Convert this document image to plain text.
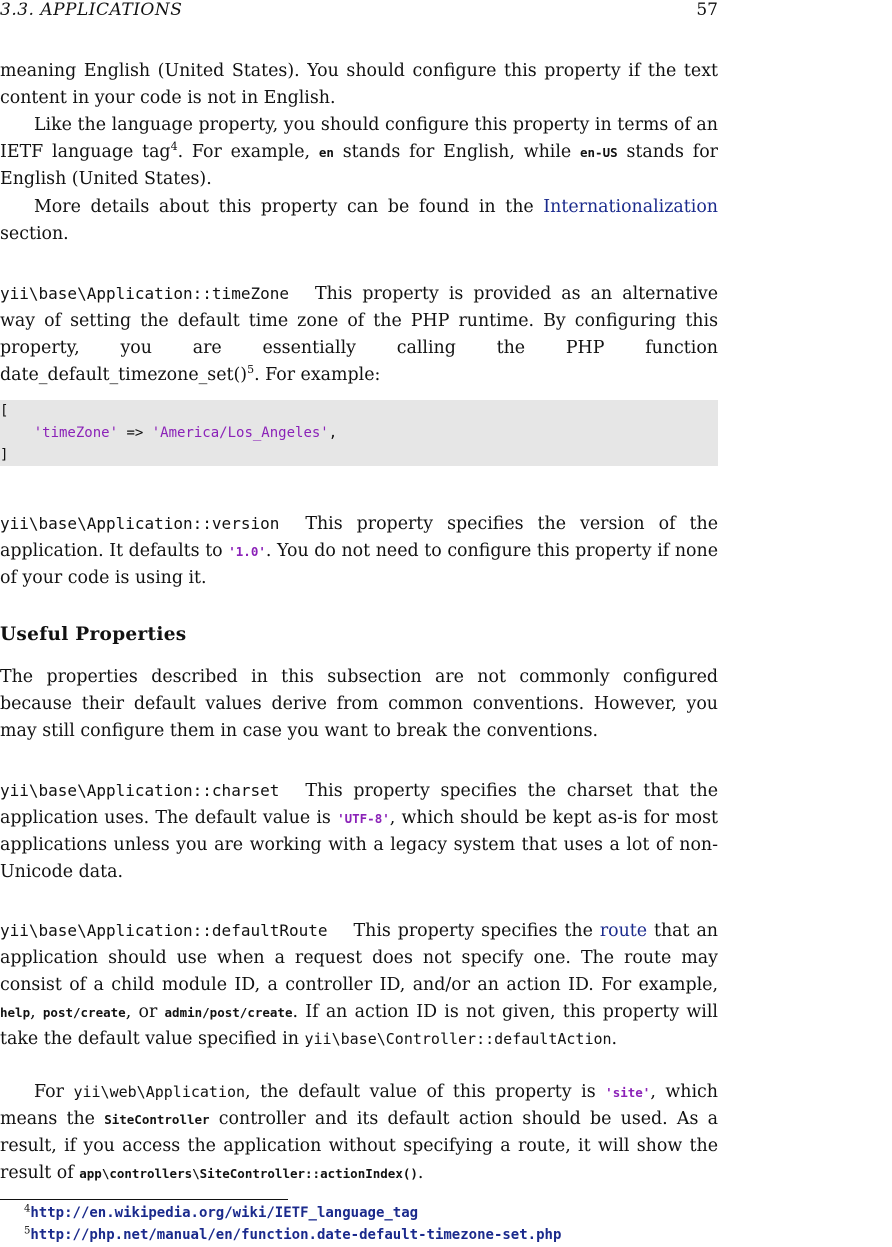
3.3. APPLICATIONS	57

meaning English (United States). You should configure this property if the text content in your code is not in English.

Like the language property, you should configure this property in terms of an IETF language tag$^4$. For example, en stands for English, while en-US stands for English (United States).

More details about this property can be found in the Internationalization section.

yii\base\Application::timeZone This property is provided as an alternative way of setting the default time zone of the PHP runtime. By configuring this property, you are essentially calling the PHP function date_default_timezone_set()$^5$. For example:

[
'timeZone' => 'America/Los_Angeles',
]

yii\base\Application::version This property specifies the version of the application. It defaults to '1.0'. You do not need to configure this property if none of your code is using it.

Useful Properties

The properties described in this subsection are not commonly configured because their default values derive from common conventions. However, you may still configure them in case you want to break the conventions.

yii\base\Application::charset This property specifies the charset that the application uses. The default value is 'UTF-8', which should be kept as-is for most applications unless you are working with a legacy system that uses a lot of non-Unicode data.

yii\base\Application::defaultRoute This property specifies the route that an application should use when a request does not specify one. The route may consist of a child module ID, a controller ID, and/or an action ID. For example, help, post/create, or admin/post/create. If an action ID is not given, this property will take the default value specified in yii\base\Controller::defaultAction.

For yii\web\Application, the default value of this property is 'site', which means the SiteController controller and its default action should be used. As a result, if you access the application without specifying a route, it will show the result of app\controllers\SiteController::actionIndex().

$^4$http://en.wikipedia.org/wiki/IETF_language_tag
$^5$http://php.net/manual/en/function.date-default-timezone-set.php
